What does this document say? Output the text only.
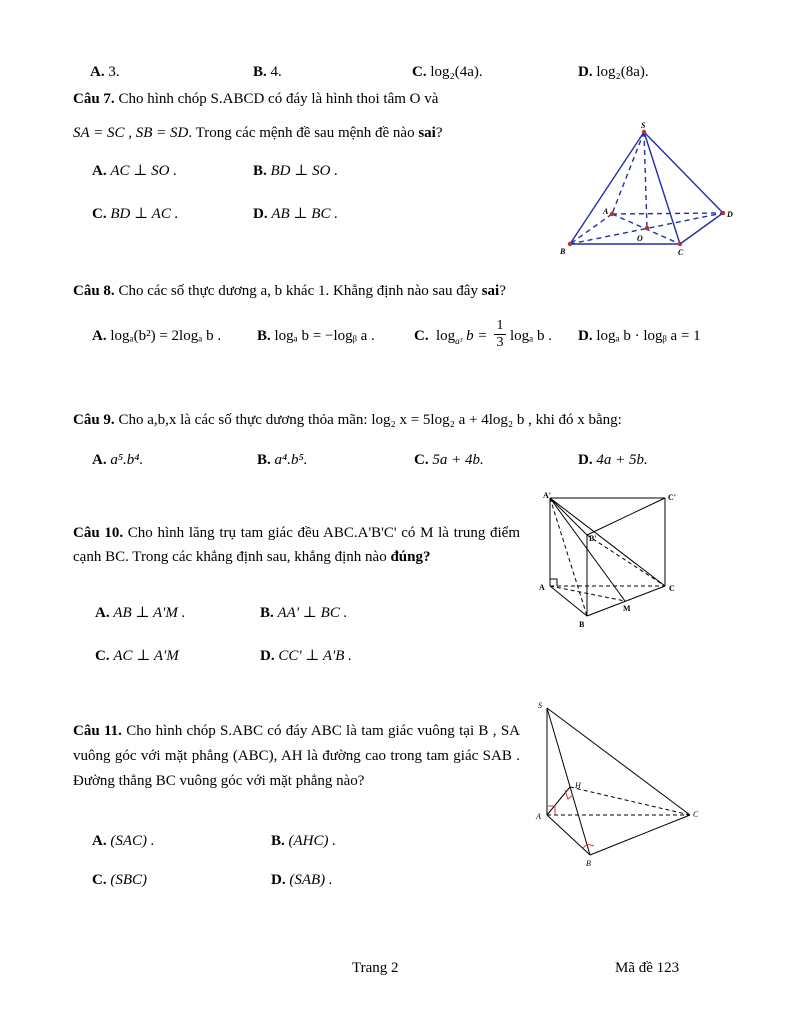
A. 3.	B. 4.	C. log₂(4a).	D. log₂(8a).
Câu 7. Cho hình chóp S.ABCD có đáy là hình thoi tâm O và
SA = SC , SB = SD. Trong các mệnh đề sau mệnh đề nào sai?
A. AC ⊥ SO .	B. BD ⊥ SO .
C. BD ⊥ AC .	D. AB ⊥ BC .
S
A
B	C
D
O
Câu 8. Cho các số thực dương a, b khác 1. Khẳng định nào sau đây sai?
A. logₐ(b²) = 2logₐ b . B. logₐ b = −logᵦ a .	C. $\log_{a^3} b$ =
1
3 logₐ b . D. logₐ b · logᵦ a = 1
Câu 9. Cho a,b,x là các số thực dương thỏa mãn: log₂ x = 5log₂ a + 4log₂ b , khi đó x bằng:
A. a⁵.b⁴.	B. a⁴.b⁵.	C. 5a + 4b.	D. 4a + 5b.
Câu 10. Cho hình lăng trụ tam giác đều ABC.A'B'C' có M là trung điểm cạnh BC. Trong các khẳng định sau, khẳng định nào đúng?
A. AB ⊥ A'M .	B. AA' ⊥ BC .
C. AC ⊥ A'M	D. CC' ⊥ A'B .
A'	C'
B'
A	C
B
M
Câu 11. Cho hình chóp S.ABC có đáy ABC là tam giác vuông tại B , SA vuông góc với mặt phẳng (ABC), AH là đường cao trong tam giác SAB . Đường thẳng BC vuông góc với mặt phẳng nào?
A. (SAC) .	B. (AHC) .
C. (SBC)	D. (SAB) .
S
A
B
C
H
Trang 2	Mã đề 123
